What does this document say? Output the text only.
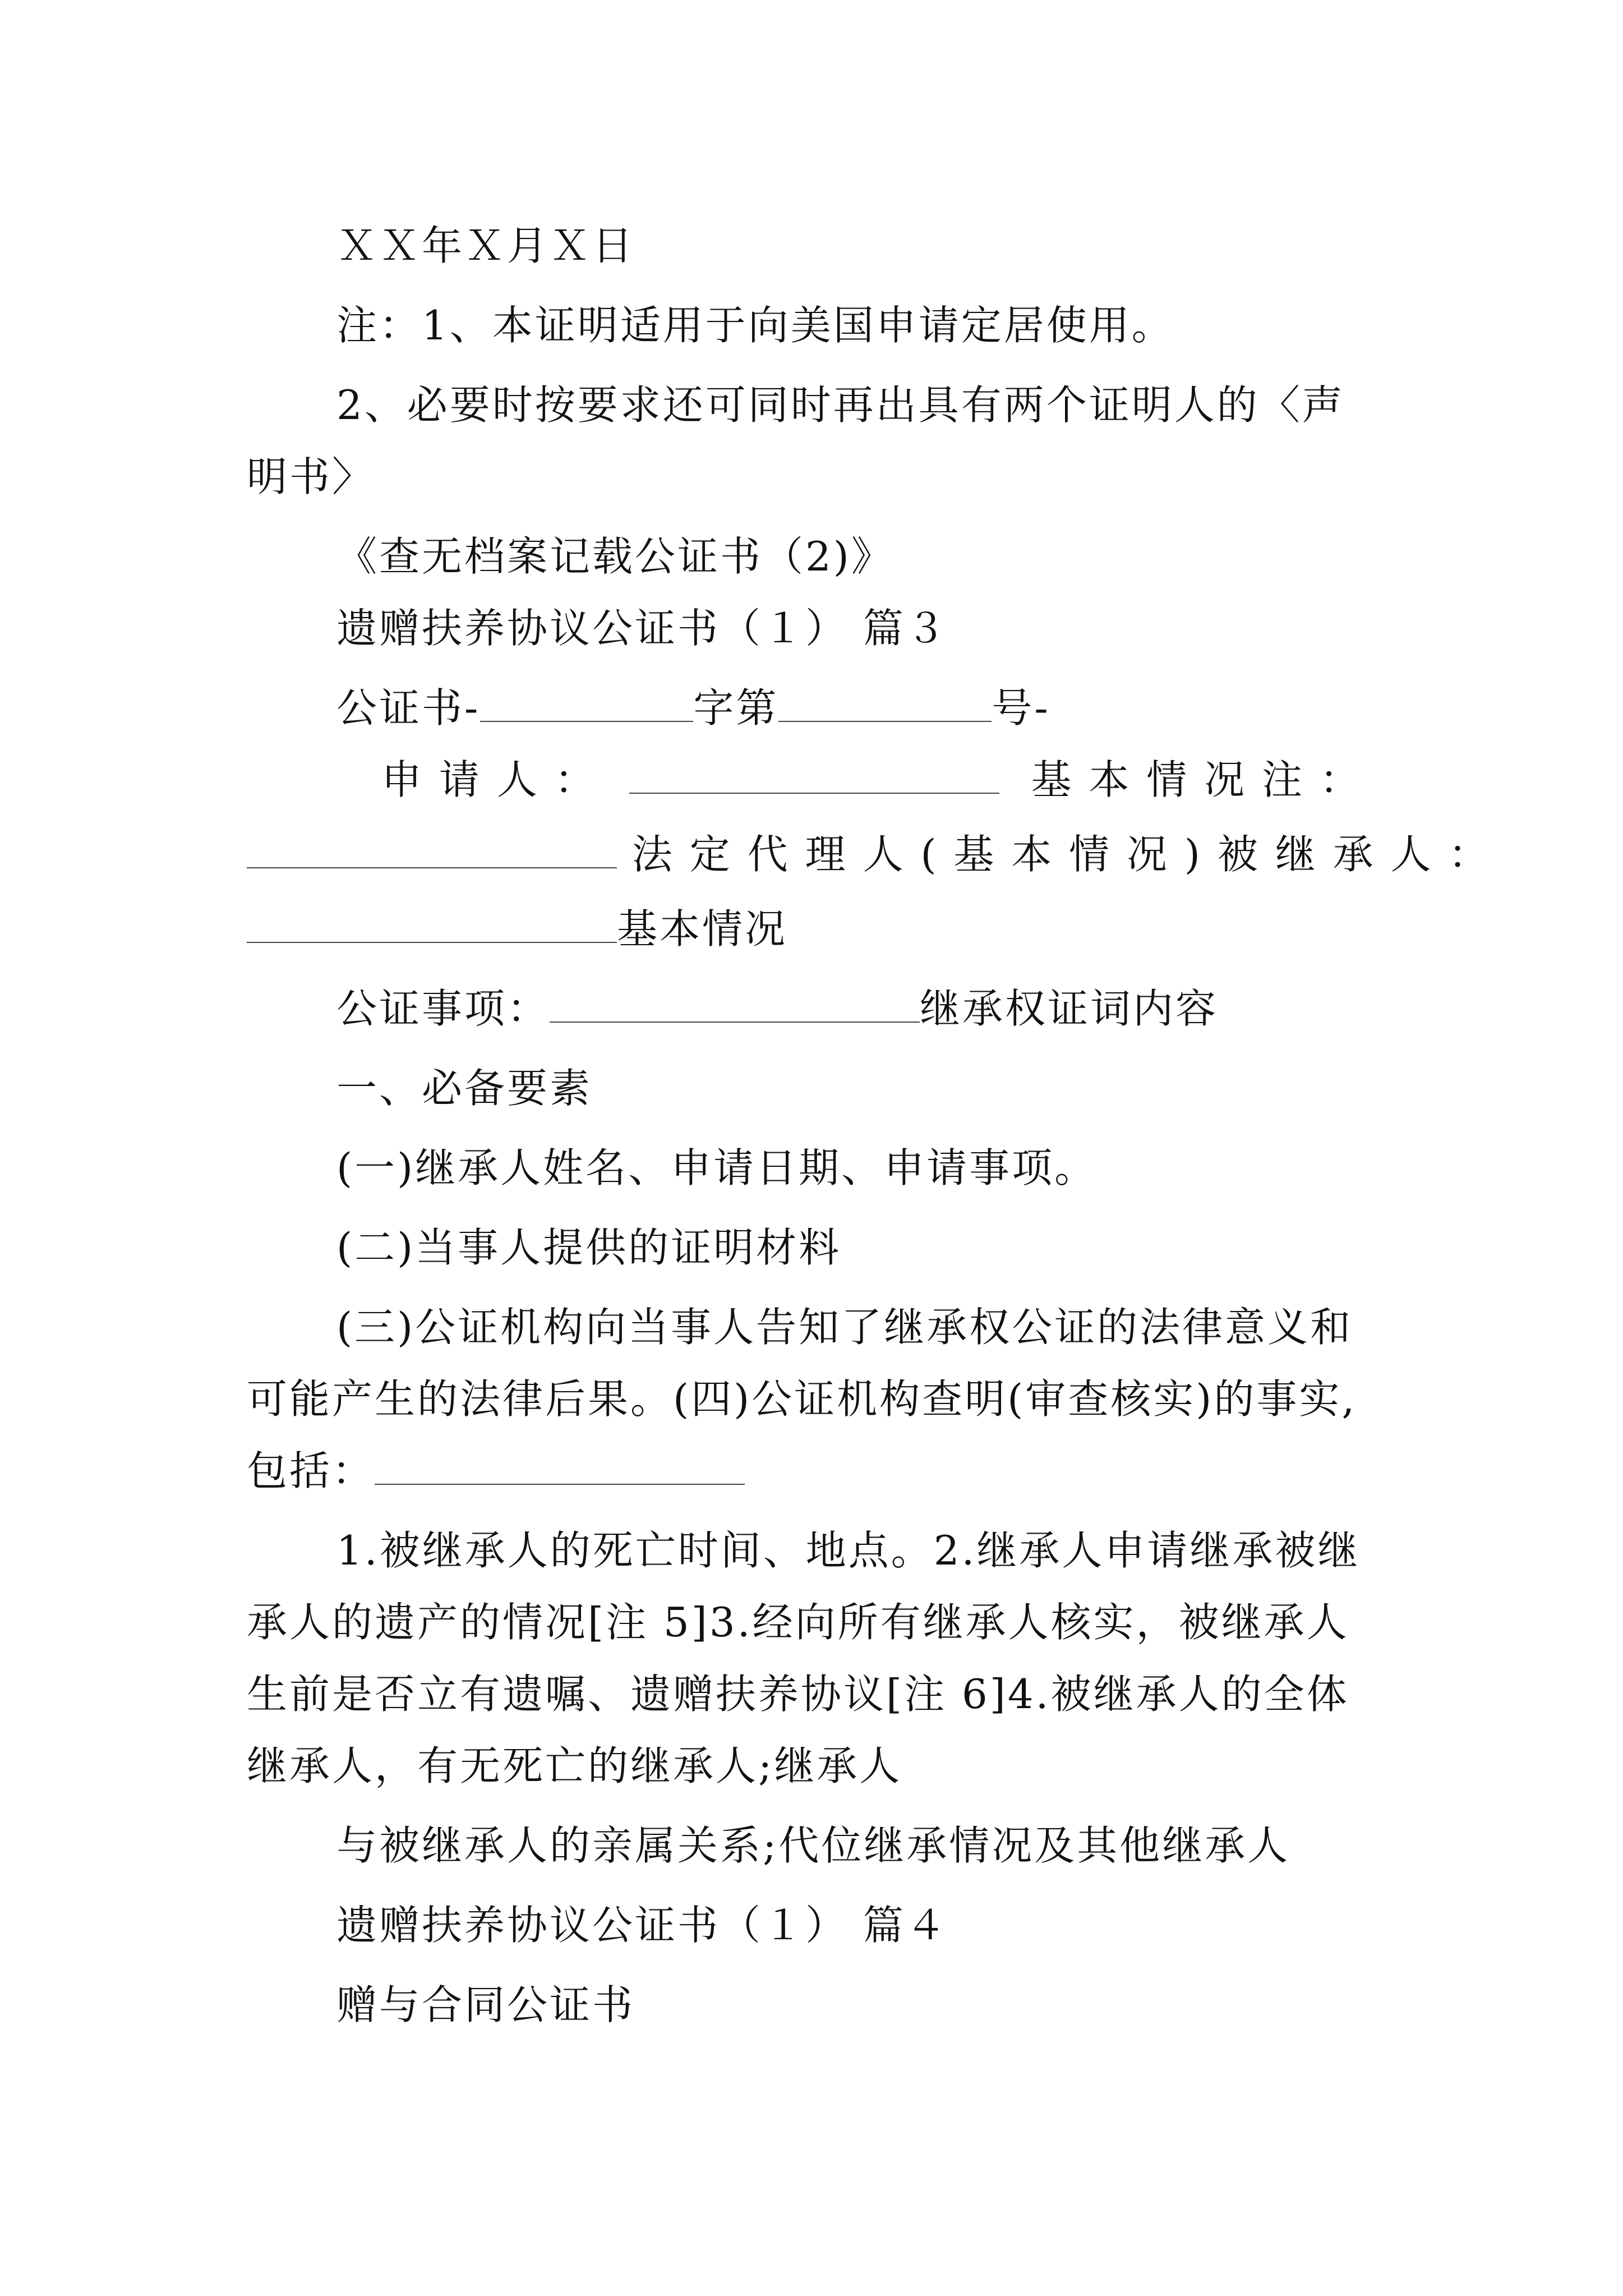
ＸＸ年Ｘ月Ｘ日
注：1、本证明适用于向美国申请定居使用。
2、必要时按要求还可同时再出具有两个证明人的〈声
明书〉
《查无档案记载公证书（2)》
遗赠扶养协议公证书（１） 篇３
公证书-	字第	号-
申 请 人 ：	基 本 情 况 注 ：
法 定 代 理 人 ( 基 本 情 况 ) 被 继 承 人 ：
基本情况
公证事项：	继承权证词内容
一、必备要素
(一)继承人姓名、申请日期、申请事项。
(二)当事人提供的证明材料
(三)公证机构向当事人告知了继承权公证的法律意义和
可能产生的法律后果。(四)公证机构查明(审查核实)的事实,
包括：
1.被继承人的死亡时间、地点。2.继承人申请继承被继
承人的遗产的情况[注 5]3.经向所有继承人核实，被继承人
生前是否立有遗嘱、遗赠扶养协议[注 6]4.被继承人的全体
继承人，有无死亡的继承人;继承人
与被继承人的亲属关系;代位继承情况及其他继承人
遗赠扶养协议公证书（１） 篇４
赠与合同公证书
